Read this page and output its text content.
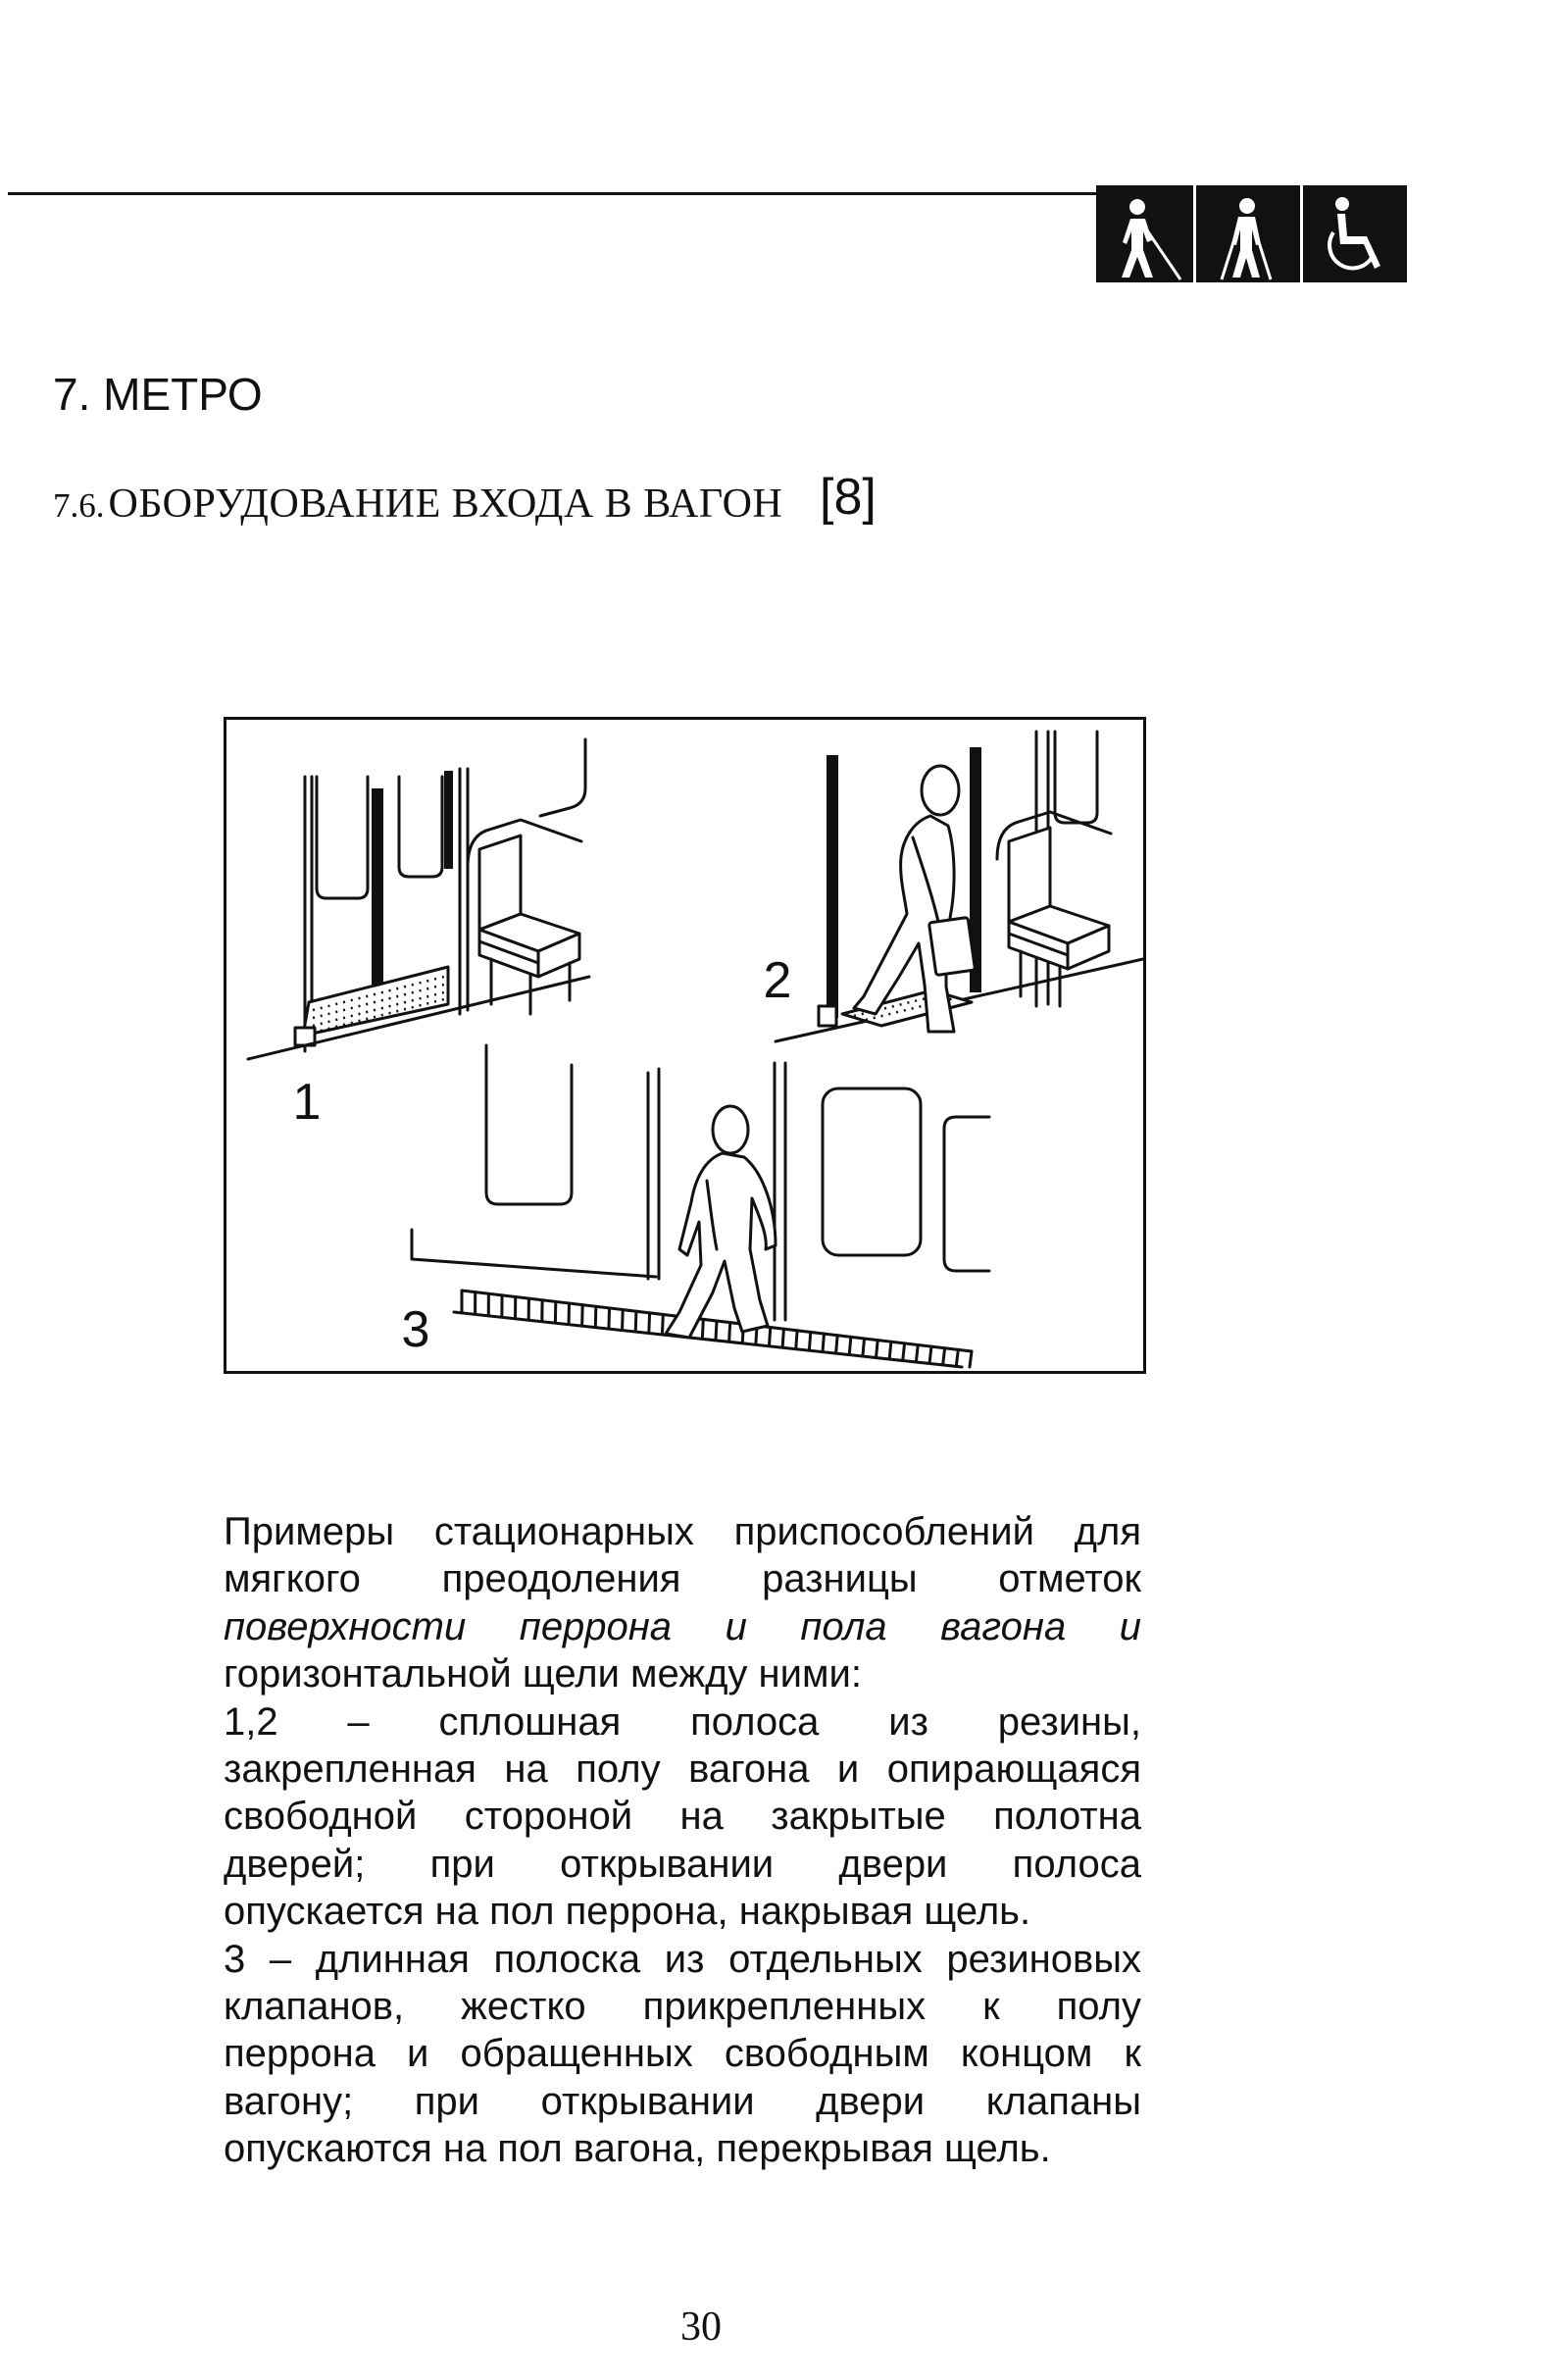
7. МЕТРО
7.6. ОБОРУДОВАНИЕ ВХОДА В ВАГОН [8]
1
2
3
Примеры стационарных приспособлений для
мягкого преодоления разницы отметок
поверхности перрона и пола вагона и
горизонтальной щели между ними:
1,2 – сплошная полоса из резины,
закрепленная на полу вагона и опирающаяся
свободной стороной на закрытые полотна
дверей; при открывании двери полоса
опускается на пол перрона, накрывая щель.
3 – длинная полоска из отдельных резиновых
клапанов, жестко прикрепленных к полу
перрона и обращенных свободным концом к
вагону; при открывании двери клапаны
опускаются на пол вагона, перекрывая щель.
30
